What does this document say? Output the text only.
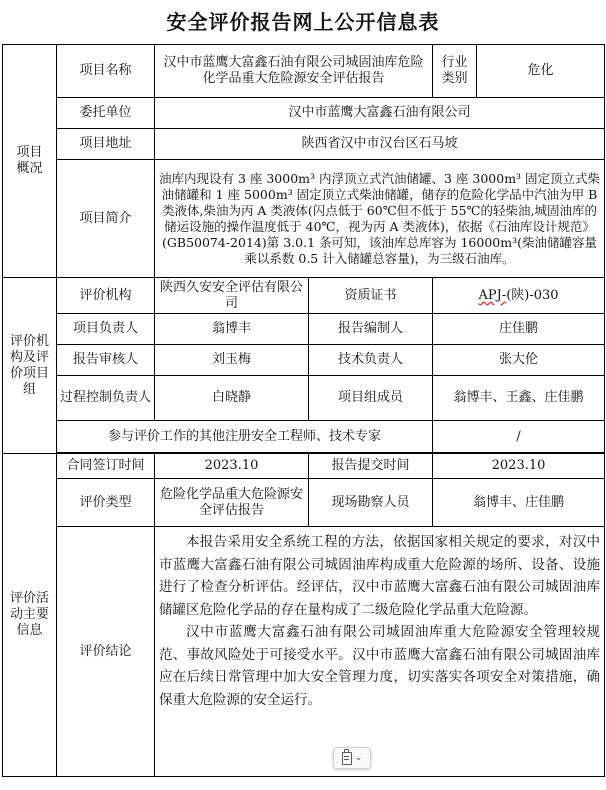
安全评价报告网上公开信息表
项目
概况	项目名称	汉中市蓝鹰大富鑫石油有限公司城固油库危险化学品重大危险源安全评估报告		行业类别	危化
	委托单位	汉中市蓝鹰大富鑫石油有限公司			
	项目地址	陕西省汉中市汉台区石马坡			
	项目简介	油库内现设有 3 座 3000m³ 内浮顶立式汽油储罐、3 座 3000m³ 固定顶立式柴油储罐和 1 座 5000m³ 固定顶立式柴油储罐，储存的危险化学品中汽油为甲 B 类液体,柴油为丙 A 类液体(闪点低于 60℃但不低于 55℃的轻柴油,城固油库的储运设施的操作温度低于 40℃，视为丙 A 类液体)，依据《石油库设计规范》(GB50074-2014)第 3.0.1 条可知，该油库总库容为 16000m³(柴油储罐容量乘以系数 0.5 计入储罐总容量)，为三级石油库。			
评价机
构及评
价项目
组	评价机构	陕西久安安全评估有限公司	资质证书	APJ-(陕)-030	
	项目负责人	翁博丰	报告编制人	庄佳鹏	
	报告审核人	刘玉梅	技术负责人	张大伦	
	过程控制负责人	白晓静	项目组成员	翁博丰、王鑫、庄佳鹏	
	参与评价工作的其他注册安全工程师、技术专家			/	

评价活
动主要
信息	合同签订时间	2023.10	报告提交时间	2023.10	
	评价类型	危险化学品重大危险源安全评估报告	现场勘察人员	翁博丰、庄佳鹏	
	评价结论	本报告采用安全系统工程的方法，依据国家相关规定的要求，对汉中市蓝鹰大富鑫石油有限公司城固油库构成重大危险源的场所、设备、设施进行了检查分析评估。经评估，汉中市蓝鹰大富鑫石油有限公司城固油库储罐区危险化学品的存在量构成了二级危险化学品重大危险源。

汉中市蓝鹰大富鑫石油有限公司城固油库重大危险源安全管理较规范、事故风险处于可接受水平。汉中市蓝鹰大富鑫石油有限公司城固油库应在后续日常管理中加大安全管理力度，切实落实各项安全对策措施，确保重大危险源的安全运行。			

⌄
